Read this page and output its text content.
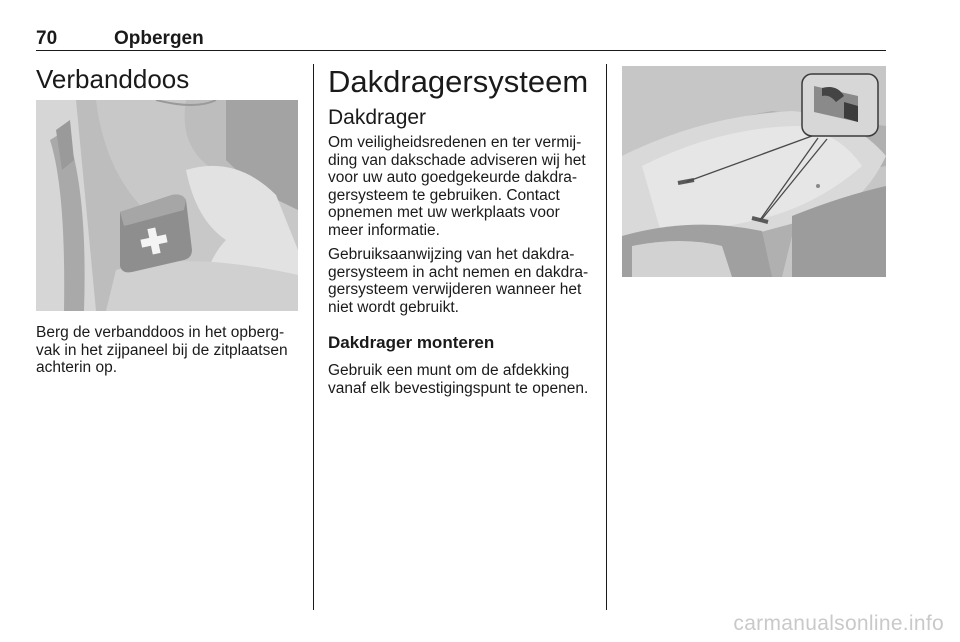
70	Opbergen
Verbanddoos
Berg de verbanddoos in het opberg-vak in het zijpaneel bij de zitplaatsen achterin op.
Dakdragersysteem
Dakdrager
Om veiligheidsredenen en ter vermij-ding van dakschade adviseren wij het voor uw auto goedgekeurde dakdra-gersysteem te gebruiken. Contact opnemen met uw werkplaats voor meer informatie.
Gebruiksaanwijzing van het dakdra-gersysteem in acht nemen en dakdra-gersysteem verwijderen wanneer het niet wordt gebruikt.
Dakdrager monteren
Gebruik een munt om de afdekking vanaf elk bevestigingspunt te openen.
carmanualsonline.info
